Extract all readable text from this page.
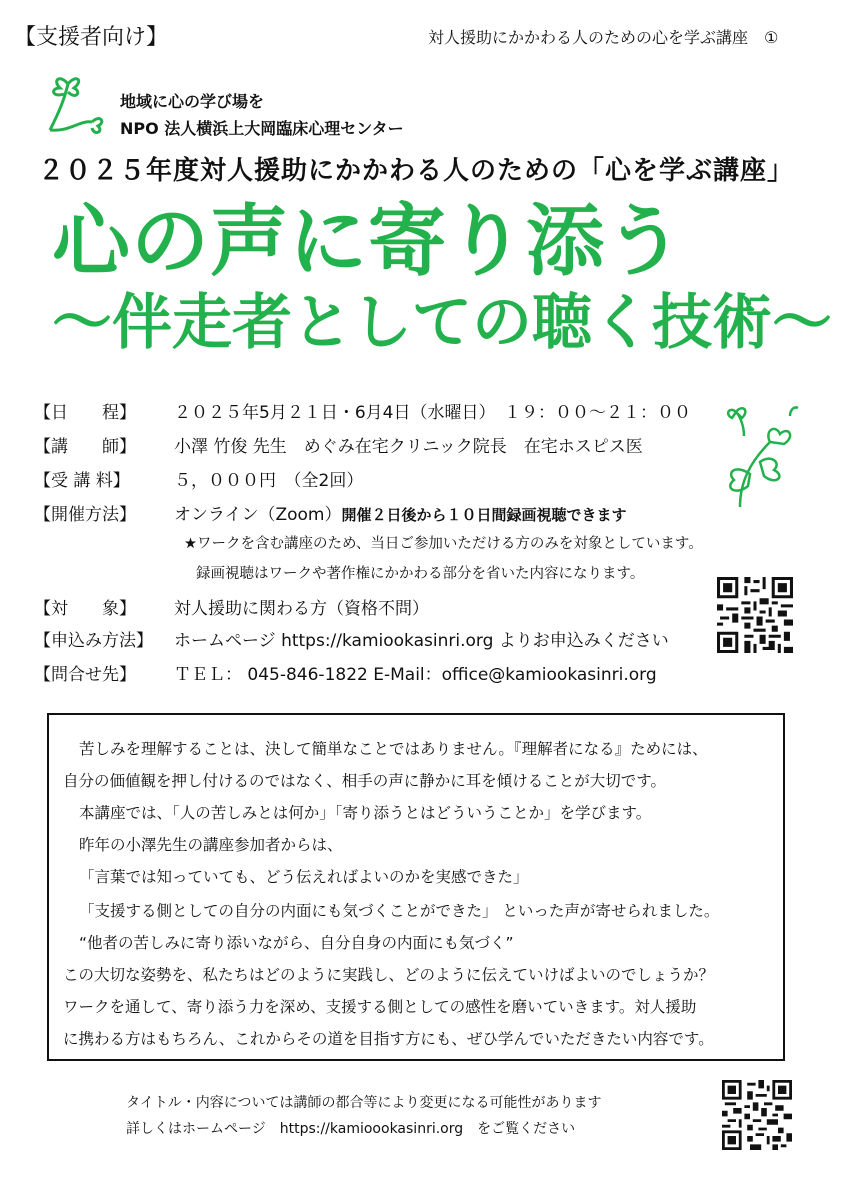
【支援者向け】	対人援助にかかわる人のための心を学ぶ講座　①
地域に心の学び場を
NPO 法人横浜上大岡臨床心理センター
２０２５年度対人援助にかかわる人のための「心を学ぶ講座」
心の声に寄り添う
～伴走者としての聴く技術～
【日　　程】 ２０２５年5月２１日・6月4日（水曜日）　１９：００～２１：００
【講　　師】 小澤 竹俊 先生　めぐみ在宅クリニック院長　在宅ホスピス医
【受 講 料】	５，０００円　（全2回）
【開催方法】 オンライン（Zoom）開催２日後から１０日間録画視聴できます
★ワークを含む講座のため、当日ご参加いただける方のみを対象としています。
録画視聴はワークや著作権にかかわる部分を省いた内容になります。
【対　　象】 対人援助に関わる方（資格不問）
【申込み方法】 ホームページ https://kamiookasinri.org よりお申込みください
【問合せ先】 ＴＥＬ： 045-846-1822 E-Mail：office@kamiookasinri.org
苦しみを理解することは、決して簡単なことではありません。『理解者になる』ためには、
自分の価値観を押し付けるのではなく、相手の声に静かに耳を傾けることが大切です。
本講座では、「人の苦しみとは何か」「寄り添うとはどういうことか」を学びます。
昨年の小澤先生の講座参加者からは、
「言葉では知っていても、どう伝えればよいのかを実感できた」
「支援する側としての自分の内面にも気づくことができた」 といった声が寄せられました。
“他者の苦しみに寄り添いながら、自分自身の内面にも気づく”
この大切な姿勢を、私たちはどのように実践し、どのように伝えていけばよいのでしょうか？
ワークを通して、寄り添う力を深め、支援する側としての感性を磨いていきます。対人援助
に携わる方はもちろん、これからその道を目指す方にも、ぜひ学んでいただきたい内容です。
タイトル・内容については講師の都合等により変更になる可能性があります
詳しくはホームページ　https://kamioookasinri.org　をご覧ください
